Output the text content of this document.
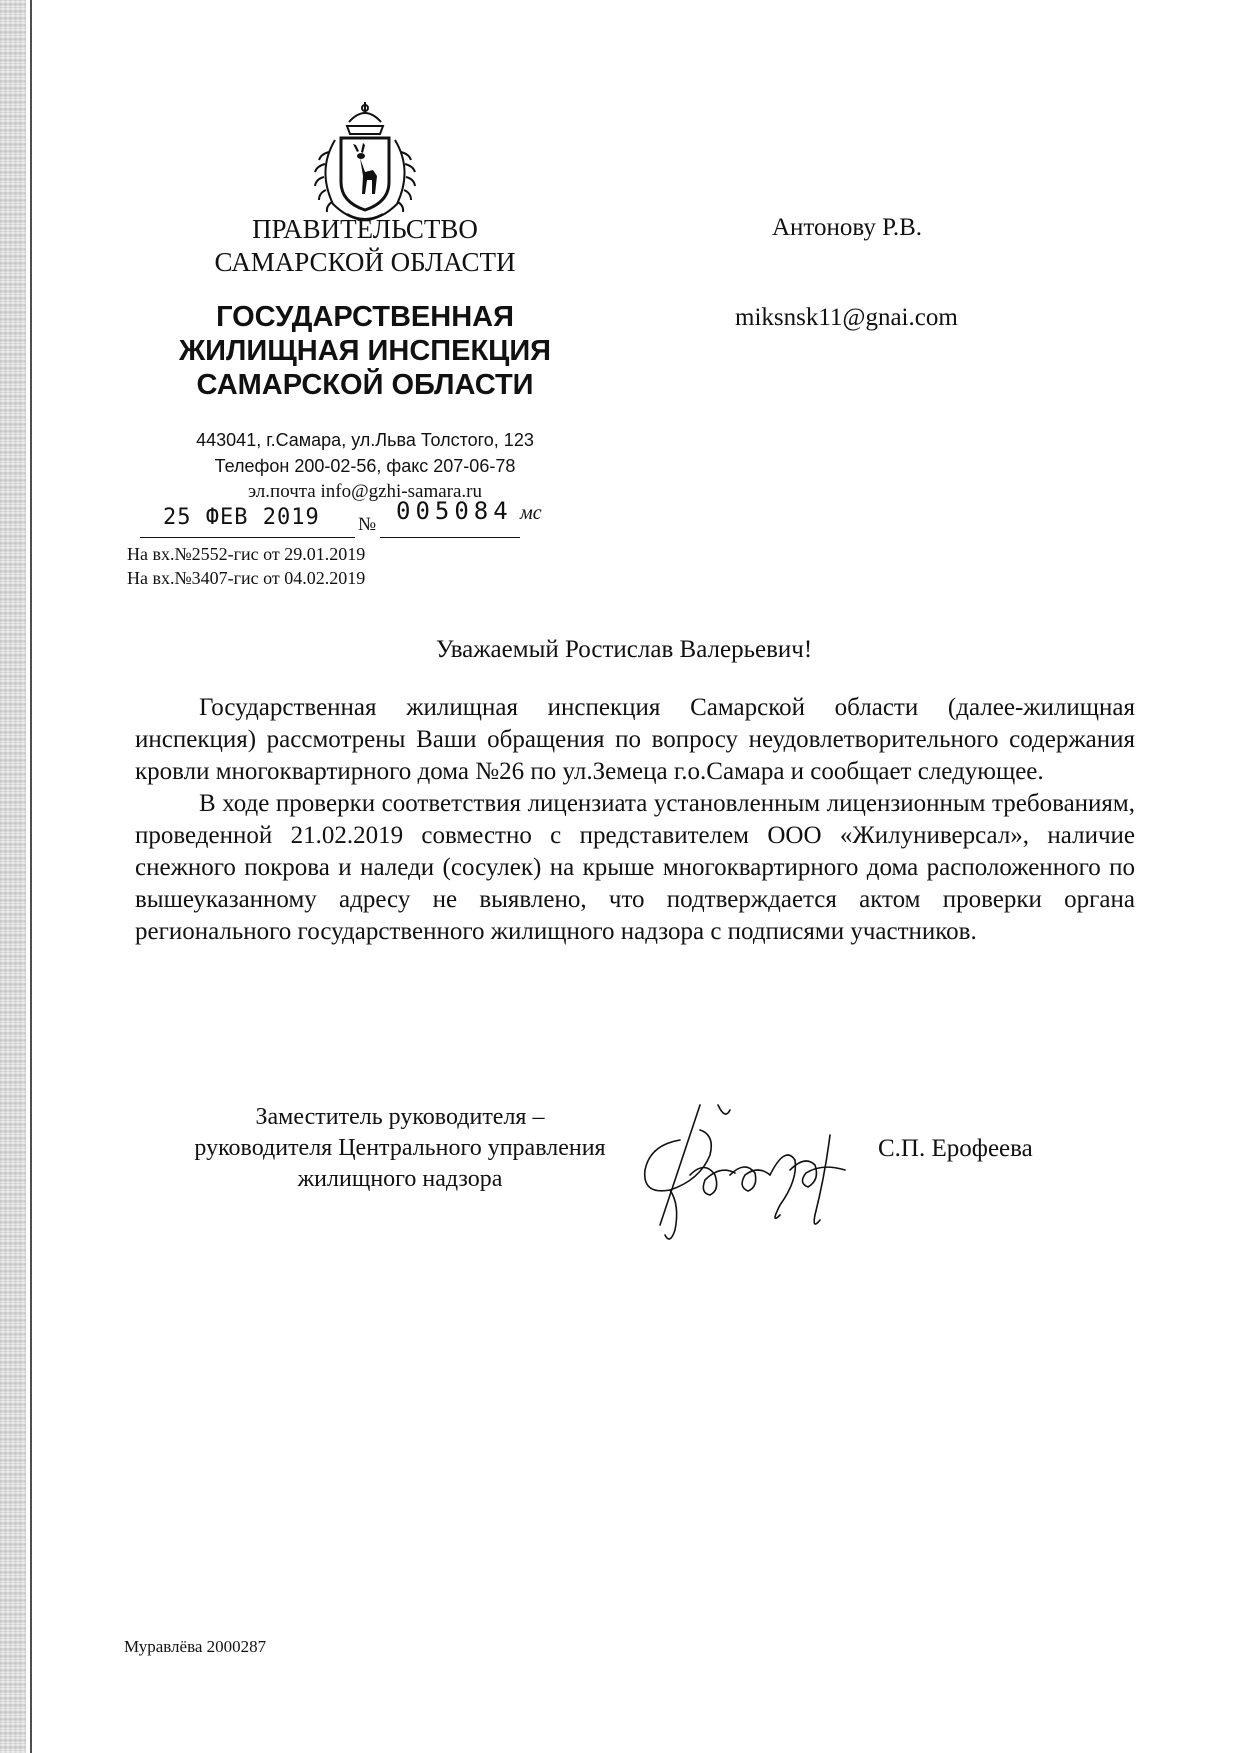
ПРАВИТЕЛЬСТВО
САМАРСКОЙ ОБЛАСТИ
ГОСУДАРСТВЕННАЯ
ЖИЛИЩНАЯ ИНСПЕКЦИЯ
САМАРСКОЙ ОБЛАСТИ
443041, г.Самара, ул.Льва Толстого, 123
Телефон 200-02-56, факс 207-06-78
эл.почта info@gzhi-samara.ru
25 ФЕВ 2019 № 005084 мс
На вх.№2552-гис от 29.01.2019
На вх.№3407-гис от 04.02.2019
Антонову Р.В.
miksnsk11@gnai.com
Уважаемый Ростислав Валерьевич!

Государственная жилищная инспекция Самарской области (далее-жилищная инспекция) рассмотрены Ваши обращения по вопросу неудовлетворительного содержания кровли многоквартирного дома №26 по ул.Земеца г.о.Самара и сообщает следующее.

В ходе проверки соответствия лицензиата установленным лицензионным требованиям, проведенной 21.02.2019 совместно с представителем ООО «Жилуниверсал», наличие снежного покрова и наледи (сосулек) на крыше многоквартирного дома расположенного по вышеуказанному адресу не выявлено, что подтверждается актом проверки органа регионального государственного жилищного надзора с подписями участников.

Заместитель руководителя –
руководителя Центрального управления
жилищного надзора
С.П. Ерофеева
Муравлёва 2000287
